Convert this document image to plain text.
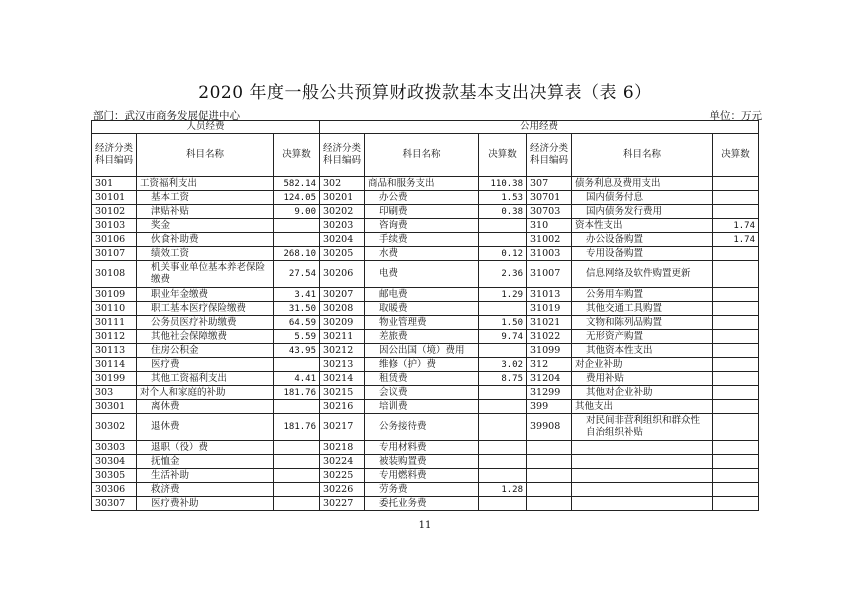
2020 年度一般公共预算财政拨款基本支出决算表（表 6）
部门：武汉市商务发展促进中心	单位：万元
人员经费			公用经费					
经济分类科目编码	科目名称	决算数	经济分类科目编码	科目名称	决算数	经济分类科目编码	科目名称	决算数
301	工资福利支出	582.14	302	商品和服务支出	110.38	307	债务利息及费用支出	
30101	基本工资	124.05	30201	办公费	1.53	30701	国内债务付息	
30102	津贴补贴	9.00	30202	印刷费	0.38	30703	国内债务发行费用	
30103	奖金		30203	咨询费		310	资本性支出	1.74
30106	伙食补助费		30204	手续费		31002	办公设备购置	1.74
30107	绩效工资	268.10	30205	水费	0.12	31003	专用设备购置	
30108	机关事业单位基本养老保险缴费	27.54	30206	电费	2.36	31007	信息网络及软件购置更新	
30109	职业年金缴费	3.41	30207	邮电费	1.29	31013	公务用车购置	
30110	职工基本医疗保险缴费	31.50	30208	取暖费		31019	其他交通工具购置	
30111	公务员医疗补助缴费	64.59	30209	物业管理费	1.50	31021	文物和陈列品购置	
30112	其他社会保障缴费	5.59	30211	差旅费	9.74	31022	无形资产购置	
30113	住房公积金	43.95	30212	因公出国（境）费用		31099	其他资本性支出	
30114	医疗费		30213	维修（护）费	3.02	312	对企业补助	
30199	其他工资福利支出	4.41	30214	租赁费	8.75	31204	费用补贴	
303	对个人和家庭的补助	181.76	30215	会议费		31299	其他对企业补助	
30301	离休费		30216	培训费		399	其他支出	
30302	退休费	181.76	30217	公务接待费		39908	对民间非营利组织和群众性自治组织补贴	
30303	退职（役）费		30218	专用材料费				
30304	抚恤金		30224	被装购置费				
30305	生活补助		30225	专用燃料费				
30306	救济费		30226	劳务费	1.28			
30307	医疗费补助		30227	委托业务费				
11
